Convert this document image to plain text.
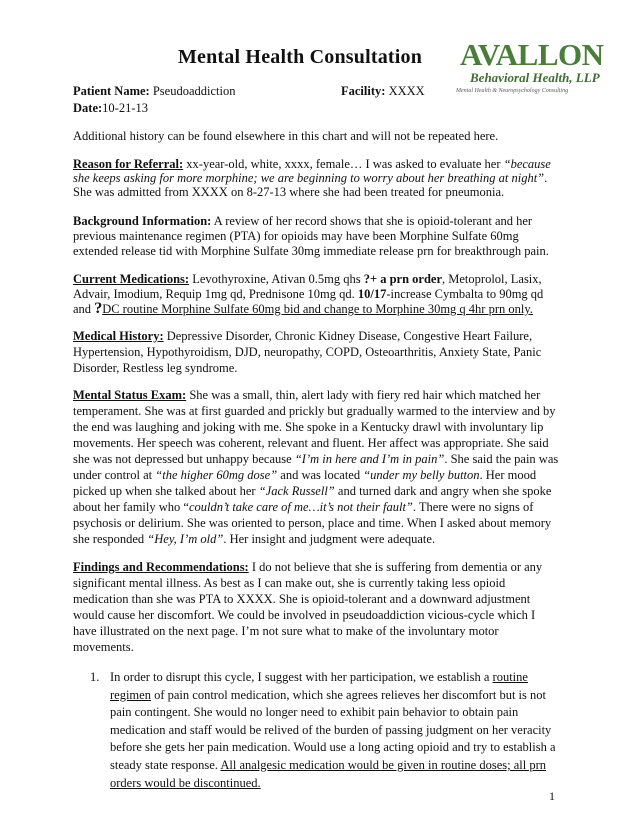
Mental Health Consultation	AVALLON
Behavioral Health, LLP
Mental Health & Neuropsychology Consulting
Patient Name: Pseudoaddiction	Facility: XXXX
Date:10-21-13
Additional history can be found elsewhere in this chart and will not be repeated here.
Reason for Referral: xx-year-old, white, xxxx, female… I was asked to evaluate her “because
she keeps asking for more morphine; we are beginning to worry about her breathing at night”.
She was admitted from XXXX on 8-27-13 where she had been treated for pneumonia.
Background Information: A review of her record shows that she is opioid-tolerant and her
previous maintenance regimen (PTA) for opioids may have been Morphine Sulfate 60mg
extended release tid with Morphine Sulfate 30mg immediate release prn for breakthrough pain.
Current Medications: Levothyroxine, Ativan 0.5mg qhs ?+ a prn order, Metoprolol, Lasix,
Advair, Imodium, Requip 1mg qd, Prednisone 10mg qd. 10/17-increase Cymbalta to 90mg qd
and ?DC routine Morphine Sulfate 60mg bid and change to Morphine 30mg q 4hr prn only.
Medical History: Depressive Disorder, Chronic Kidney Disease, Congestive Heart Failure,
Hypertension, Hypothyroidism, DJD, neuropathy, COPD, Osteoarthritis, Anxiety State, Panic
Disorder, Restless leg syndrome.
Mental Status Exam: She was a small, thin, alert lady with fiery red hair which matched her
temperament. She was at first guarded and prickly but gradually warmed to the interview and by
the end was laughing and joking with me. She spoke in a Kentucky drawl with involuntary lip
movements. Her speech was coherent, relevant and fluent. Her affect was appropriate. She said
she was not depressed but unhappy because “I’m in here and I’m in pain”. She said the pain was
under control at “the higher 60mg dose” and was located “under my belly button. Her mood
picked up when she talked about her “Jack Russell” and turned dark and angry when she spoke
about her family who “couldn’t take care of me…it’s not their fault”. There were no signs of
psychosis or delirium. She was oriented to person, place and time. When I asked about memory
she responded “Hey, I’m old”. Her insight and judgment were adequate.
Findings and Recommendations: I do not believe that she is suffering from dementia or any
significant mental illness. As best as I can make out, she is currently taking less opioid
medication than she was PTA to XXXX. She is opioid-tolerant and a downward adjustment
would cause her discomfort. We could be involved in pseudoaddiction vicious-cycle which I
have illustrated on the next page. I’m not sure what to make of the involuntary motor
movements.
1. In order to disrupt this cycle, I suggest with her participation, we establish a routine
regimen of pain control medication, which she agrees relieves her discomfort but is not
pain contingent. She would no longer need to exhibit pain behavior to obtain pain
medication and staff would be relived of the burden of passing judgment on her veracity
before she gets her pain medication. Would use a long acting opioid and try to establish a
steady state response. All analgesic medication would be given in routine doses; all prn
orders would be discontinued.
1
